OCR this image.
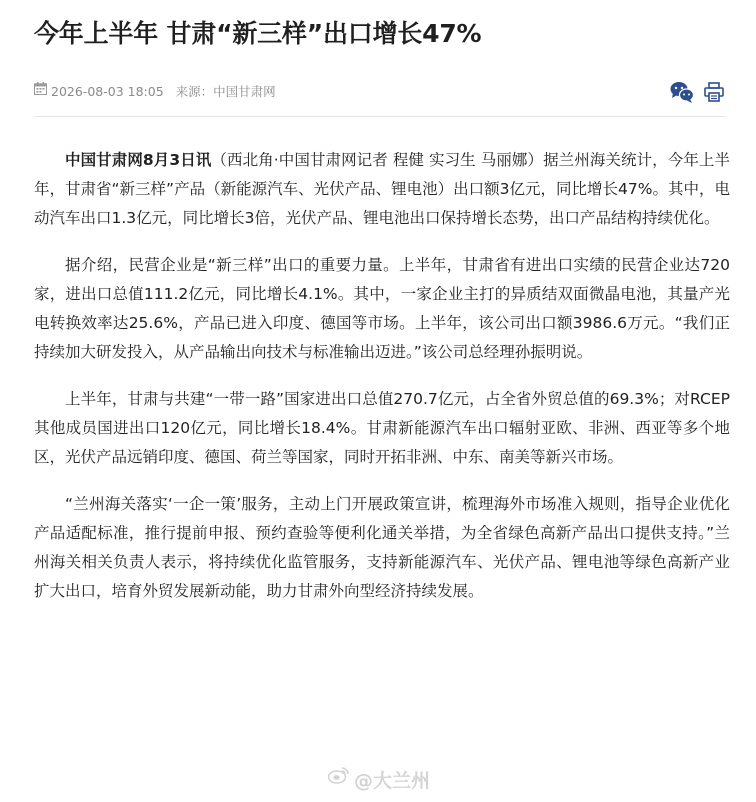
今年上半年 甘肃“新三样”出口增长47%
2026-08-03 18:05 来源：中国甘肃网

中国甘肃网8月3日讯（西北角·中国甘肃网记者 程健 实习生 马丽娜）据兰州海关统计，今年上半年，甘肃省“新三样”产品（新能源汽车、光伏产品、锂电池）出口额3亿元，同比增长47%。其中，电动汽车出口1.3亿元，同比增长3倍，光伏产品、锂电池出口保持增长态势，出口产品结构持续优化。

据介绍，民营企业是“新三样”出口的重要力量。上半年，甘肃省有进出口实绩的民营企业达720家，进出口总值111.2亿元，同比增长4.1%。其中，一家企业主打的异质结双面微晶电池，其量产光电转换效率达25.6%，产品已进入印度、德国等市场。上半年，该公司出口额3986.6万元。“我们正持续加大研发投入，从产品输出向技术与标准输出迈进。”该公司总经理孙振明说。

上半年，甘肃与共建“一带一路”国家进出口总值270.7亿元，占全省外贸总值的69.3%；对RCEP其他成员国进出口120亿元，同比增长18.4%。甘肃新能源汽车出口辐射亚欧、非洲、西亚等多个地区，光伏产品远销印度、德国、荷兰等国家，同时开拓非洲、中东、南美等新兴市场。

“兰州海关落实‘一企一策’服务，主动上门开展政策宣讲，梳理海外市场准入规则，指导企业优化产品适配标准，推行提前申报、预约查验等便利化通关举措，为全省绿色高新产品出口提供支持。”兰州海关相关负责人表示，将持续优化监管服务，支持新能源汽车、光伏产品、锂电池等绿色高新产业扩大出口，培育外贸发展新动能，助力甘肃外向型经济持续发展。

@大兰州
